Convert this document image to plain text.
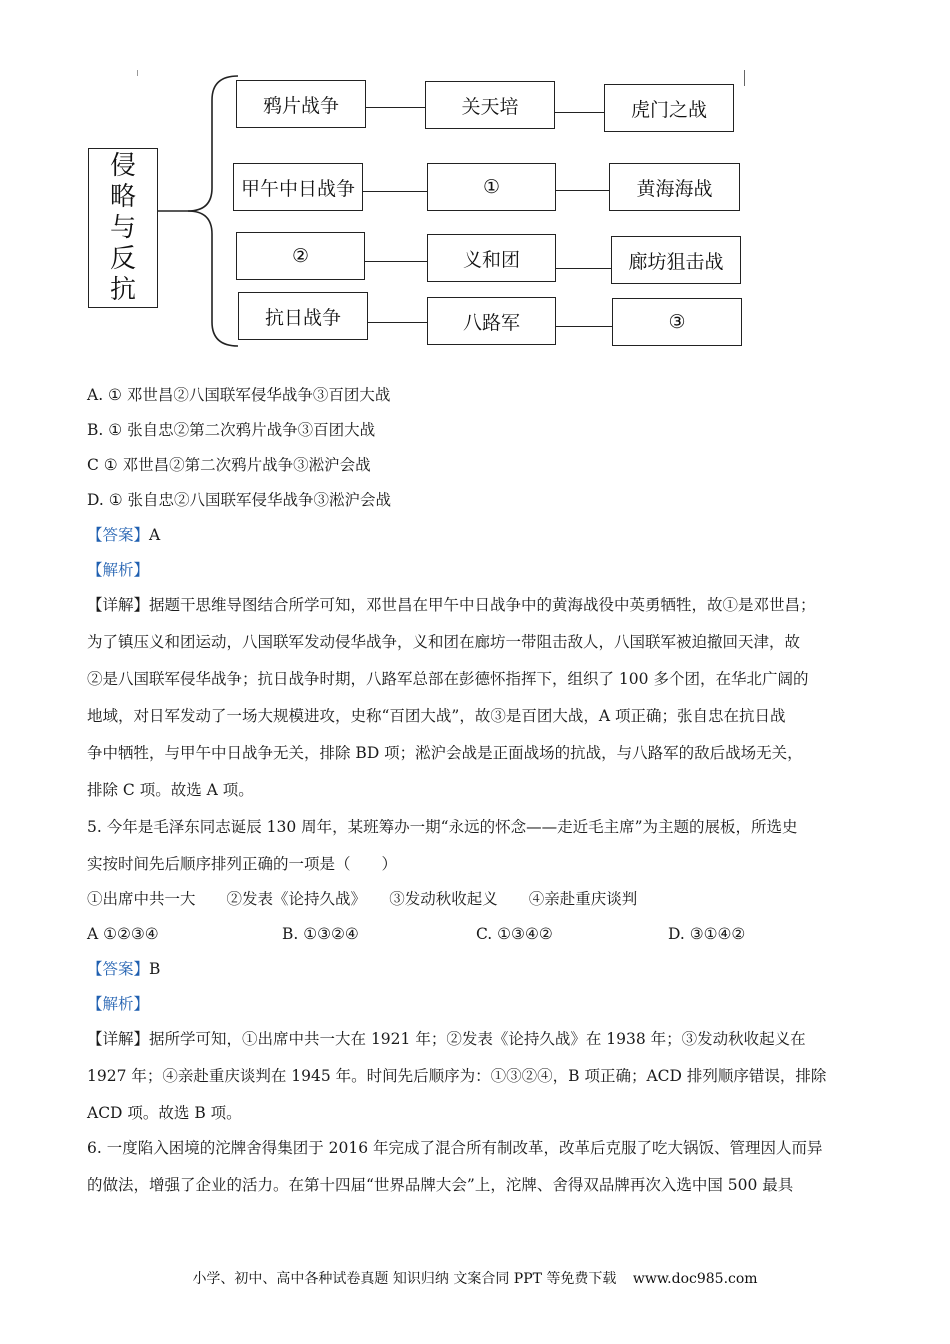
侵
略
与
反
抗
鸦片战争	关天培	虎门之战
甲午中日战争	①	黄海海战
②	义和团	廊坊狙击战
抗日战争	八路军	③
A. ① 邓世昌②八国联军侵华战争③百团大战
B. ① 张自忠②第二次鸦片战争③百团大战
C ① 邓世昌②第二次鸦片战争③淞沪会战
D. ① 张自忠②八国联军侵华战争③淞沪会战
【答案】A
【解析】
【详解】据题干思维导图结合所学可知，邓世昌在甲午中日战争中的黄海战役中英勇牺牲，故①是邓世昌；
为了镇压义和团运动，八国联军发动侵华战争，义和团在廊坊一带阻击敌人，八国联军被迫撤回天津，故
②是八国联军侵华战争；抗日战争时期，八路军总部在彭德怀指挥下，组织了 100 多个团，在华北广阔的
地域，对日军发动了一场大规模进攻，史称“百团大战”，故③是百团大战，A 项正确；张自忠在抗日战
争中牺牲，与甲午中日战争无关，排除 BD 项；淞沪会战是正面战场的抗战，与八路军的敌后战场无关，
排除 C 项。故选 A 项。
5. 今年是毛泽东同志诞辰 130 周年，某班筹办一期“永远的怀念——走近毛主席”为主题的展板，所选史
实按时间先后顺序排列正确的一项是（　　）
①出席中共一大　　②发表《论持久战》　　③发动秋收起义　　④亲赴重庆谈判
A ①②③④	B. ①③②④	C. ①③④②	D. ③①④②
【答案】B
【解析】
【详解】据所学可知，①出席中共一大在 1921 年；②发表《论持久战》在 1938 年；③发动秋收起义在
1927 年；④亲赴重庆谈判在 1945 年。时间先后顺序为：①③②④，B 项正确；ACD 排列顺序错误，排除
ACD 项。故选 B 项。
6. 一度陷入困境的沱牌舍得集团于 2016 年完成了混合所有制改革，改革后克服了吃大锅饭、管理因人而异
的做法，增强了企业的活力。在第十四届“世界品牌大会”上，沱牌、舍得双品牌再次入选中国 500 最具
小学、初中、高中各种试卷真题 知识归纳 文案合同 PPT 等免费下载 www.doc985.com
